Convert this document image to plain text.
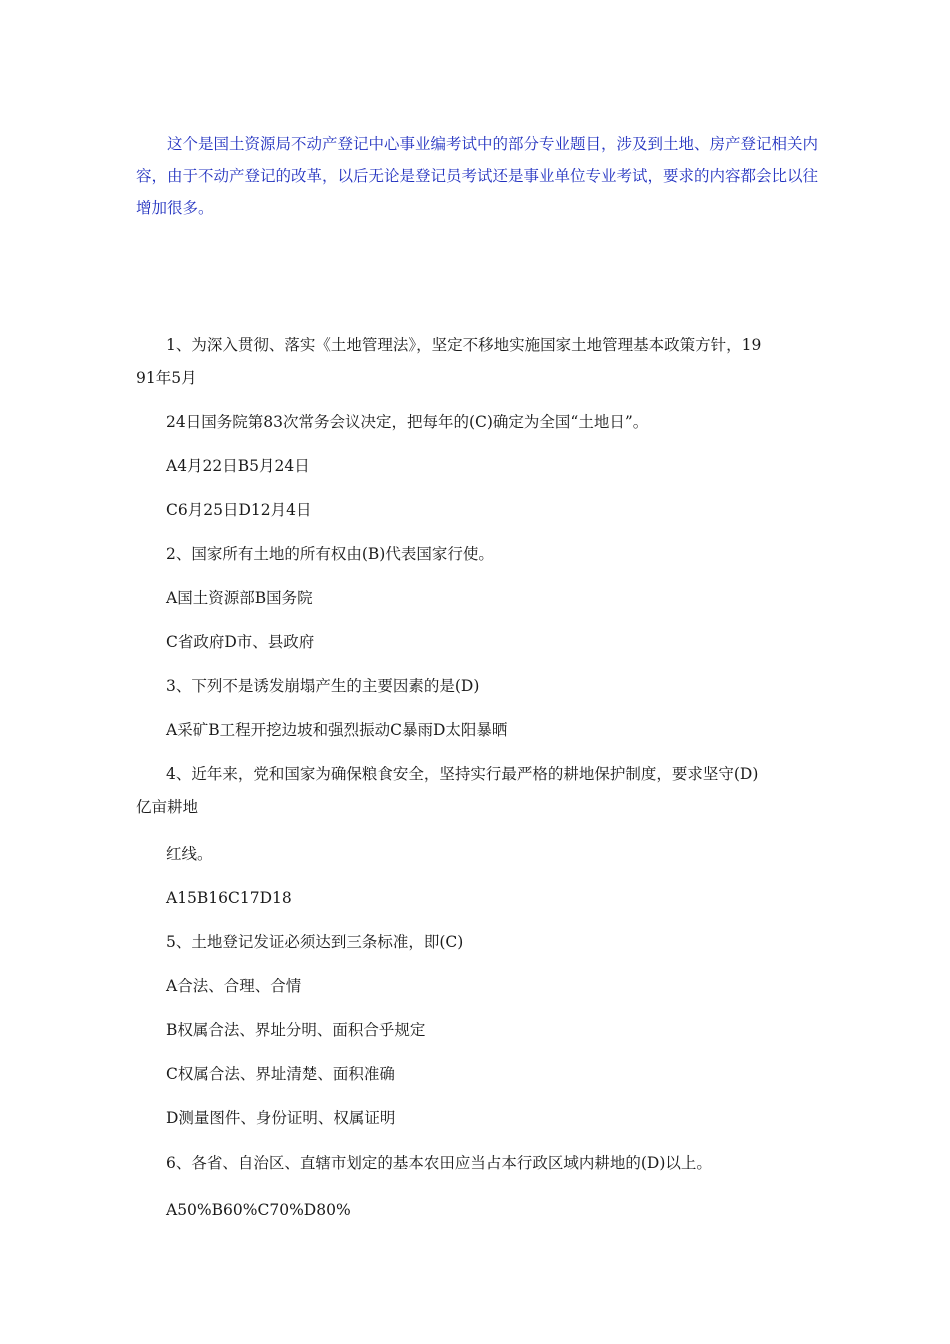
这个是国土资源局不动产登记中心事业编考试中的部分专业题目，涉及到土地、房产登记相关内容，由于不动产登记的改革，以后无论是登记员考试还是事业单位专业考试，要求的内容都会比以往增加很多。

1、为深入贯彻、落实《土地管理法》，坚定不移地实施国家土地管理基本政策方针，19

91年5月

24日国务院第83次常务会议决定，把每年的(C)确定为全国“土地日”。

A4月22日B5月24日

C6月25日D12月4日

2、国家所有土地的所有权由(B)代表国家行使。

A国土资源部B国务院

C省政府D市、县政府

3、下列不是诱发崩塌产生的主要因素的是(D)

A采矿B工程开挖边坡和强烈振动C暴雨D太阳暴晒

4、近年来，党和国家为确保粮食安全，坚持实行最严格的耕地保护制度，要求坚守(D)

亿亩耕地

红线。

A15B16C17D18

5、土地登记发证必须达到三条标准，即(C)

A合法、合理、合情

B权属合法、界址分明、面积合乎规定

C权属合法、界址清楚、面积准确

D测量图件、身份证明、权属证明

6、各省、自治区、直辖市划定的基本农田应当占本行政区域内耕地的(D)以上。

A50%B60%C70%D80%
